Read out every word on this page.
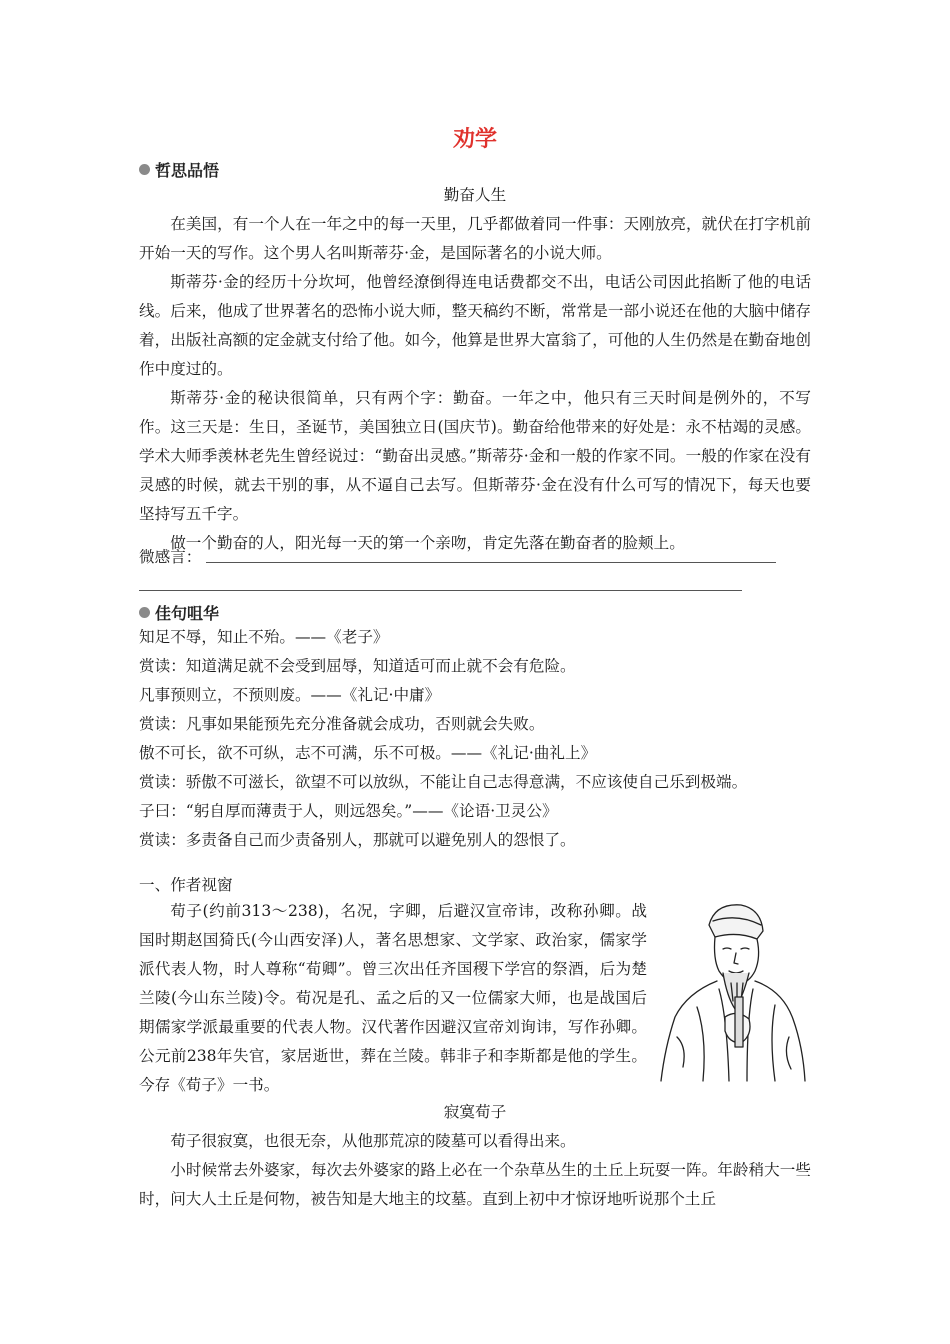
劝学
哲思品悟
勤奋人生
在美国，有一个人在一年之中的每一天里，几乎都做着同一件事：天刚放亮，就伏在打字机前开始一天的写作。这个男人名叫斯蒂芬·金，是国际著名的小说大师。
斯蒂芬·金的经历十分坎坷，他曾经潦倒得连电话费都交不出，电话公司因此掐断了他的电话线。后来，他成了世界著名的恐怖小说大师，整天稿约不断，常常是一部小说还在他的大脑中储存着，出版社高额的定金就支付给了他。如今，他算是世界大富翁了，可他的人生仍然是在勤奋地创作中度过的。
斯蒂芬·金的秘诀很简单，只有两个字：勤奋。一年之中，他只有三天时间是例外的，不写作。这三天是：生日，圣诞节，美国独立日(国庆节)。勤奋给他带来的好处是：永不枯竭的灵感。学术大师季羡林老先生曾经说过：“勤奋出灵感。”斯蒂芬·金和一般的作家不同。一般的作家在没有灵感的时候，就去干别的事，从不逼自己去写。但斯蒂芬·金在没有什么可写的情况下，每天也要坚持写五千字。
做一个勤奋的人，阳光每一天的第一个亲吻，肯定先落在勤奋者的脸颊上。
微感言：
佳句咀华
知足不辱，知止不殆。——《老子》
赏读：知道满足就不会受到屈辱，知道适可而止就不会有危险。
凡事预则立，不预则废。——《礼记·中庸》
赏读：凡事如果能预先充分准备就会成功，否则就会失败。
傲不可长，欲不可纵，志不可满，乐不可极。——《礼记·曲礼上》
赏读：骄傲不可滋长，欲望不可以放纵，不能让自己志得意满，不应该使自己乐到极端。
子曰：“躬自厚而薄责于人，则远怨矣。”——《论语·卫灵公》
赏读：多责备自己而少责备别人，那就可以避免别人的怨恨了。
一、作者视窗
荀子(约前313～238)，名况，字卿，后避汉宣帝讳，改称孙卿。战国时期赵国猗氏(今山西安泽)人，著名思想家、文学家、政治家，儒家学派代表人物，时人尊称“荀卿”。曾三次出任齐国稷下学宫的祭酒，后为楚兰陵(今山东兰陵)令。荀况是孔、孟之后的又一位儒家大师，也是战国后期儒家学派最重要的代表人物。汉代著作因避汉宣帝刘询讳，写作孙卿。公元前238年失官，家居逝世，葬在兰陵。韩非子和李斯都是他的学生。今存《荀子》一书。
寂寞荀子
荀子很寂寞，也很无奈，从他那荒凉的陵墓可以看得出来。
小时候常去外婆家，每次去外婆家的路上必在一个杂草丛生的土丘上玩耍一阵。年龄稍大一些时，问大人土丘是何物，被告知是大地主的坟墓。直到上初中才惊讶地听说那个土丘
